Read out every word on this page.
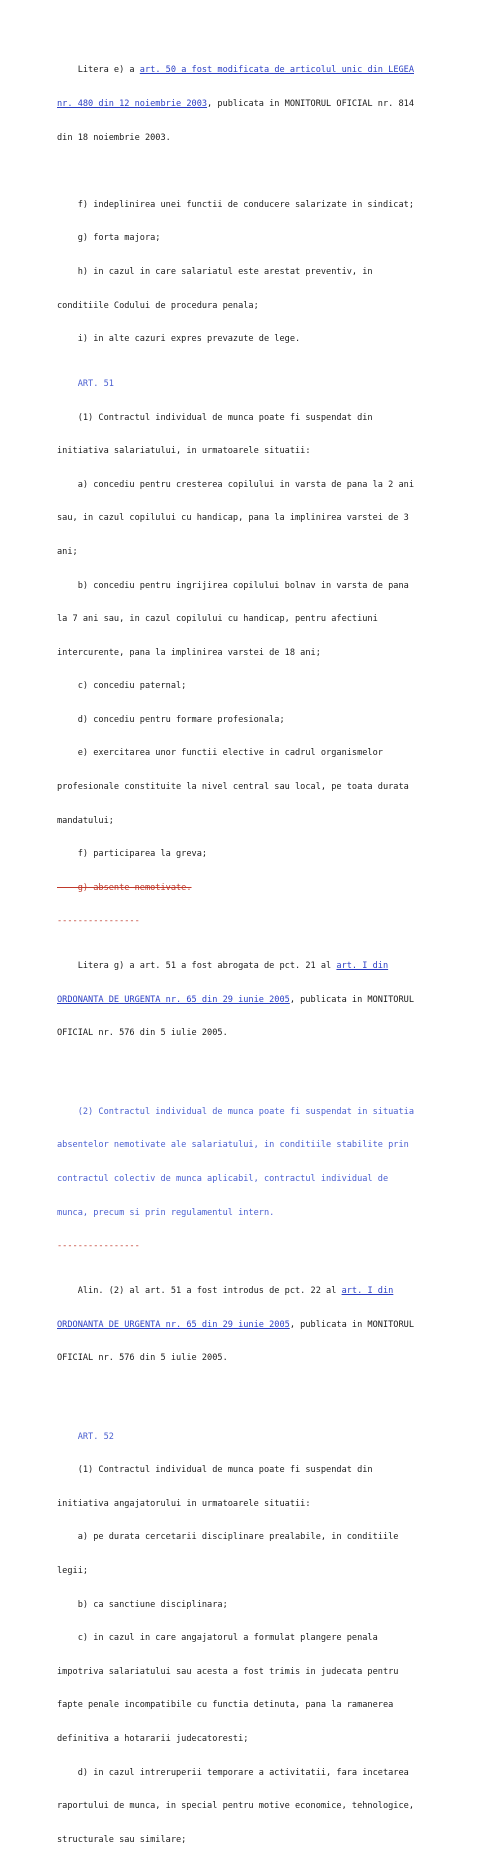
Litera e) a art. 50 a fost modificata de articolul unic din LEGEA

nr. 480 din 12 noiembrie 2003, publicata in MONITORUL OFICIAL nr. 814

din 18 noiembrie 2003.

f) indeplinirea unei functii de conducere salarizate in sindicat;

g) forta majora;

h) in cazul in care salariatul este arestat preventiv, in

conditiile Codului de procedura penala;

i) in alte cazuri expres prevazute de lege.

ART. 51

(1) Contractul individual de munca poate fi suspendat din

initiativa salariatului, in urmatoarele situatii:

a) concediu pentru cresterea copilului in varsta de pana la 2 ani

sau, in cazul copilului cu handicap, pana la implinirea varstei de 3

ani;

b) concediu pentru ingrijirea copilului bolnav in varsta de pana

la 7 ani sau, in cazul copilului cu handicap, pentru afectiuni

intercurente, pana la implinirea varstei de 18 ani;

c) concediu paternal;

d) concediu pentru formare profesionala;

e) exercitarea unor functii elective in cadrul organismelor

profesionale constituite la nivel central sau local, pe toata durata

mandatului;

f) participarea la greva;

g) absente nemotivate.

----------------

Litera g) a art. 51 a fost abrogata de pct. 21 al art. I din

ORDONANTA DE URGENTA nr. 65 din 29 iunie 2005, publicata in MONITORUL

OFICIAL nr. 576 din 5 iulie 2005.

(2) Contractul individual de munca poate fi suspendat in situatia

absentelor nemotivate ale salariatului, in conditiile stabilite prin

contractul colectiv de munca aplicabil, contractul individual de

munca, precum si prin regulamentul intern.

----------------

Alin. (2) al art. 51 a fost introdus de pct. 22 al art. I din

ORDONANTA DE URGENTA nr. 65 din 29 iunie 2005, publicata in MONITORUL

OFICIAL nr. 576 din 5 iulie 2005.

ART. 52

(1) Contractul individual de munca poate fi suspendat din

initiativa angajatorului in urmatoarele situatii:

a) pe durata cercetarii disciplinare prealabile, in conditiile

legii;

b) ca sanctiune disciplinara;

c) in cazul in care angajatorul a formulat plangere penala

impotriva salariatului sau acesta a fost trimis in judecata pentru

fapte penale incompatibile cu functia detinuta, pana la ramanerea

definitiva a hotararii judecatoresti;

d) in cazul intreruperii temporare a activitatii, fara incetarea

raportului de munca, in special pentru motive economice, tehnologice,

structurale sau similare;
